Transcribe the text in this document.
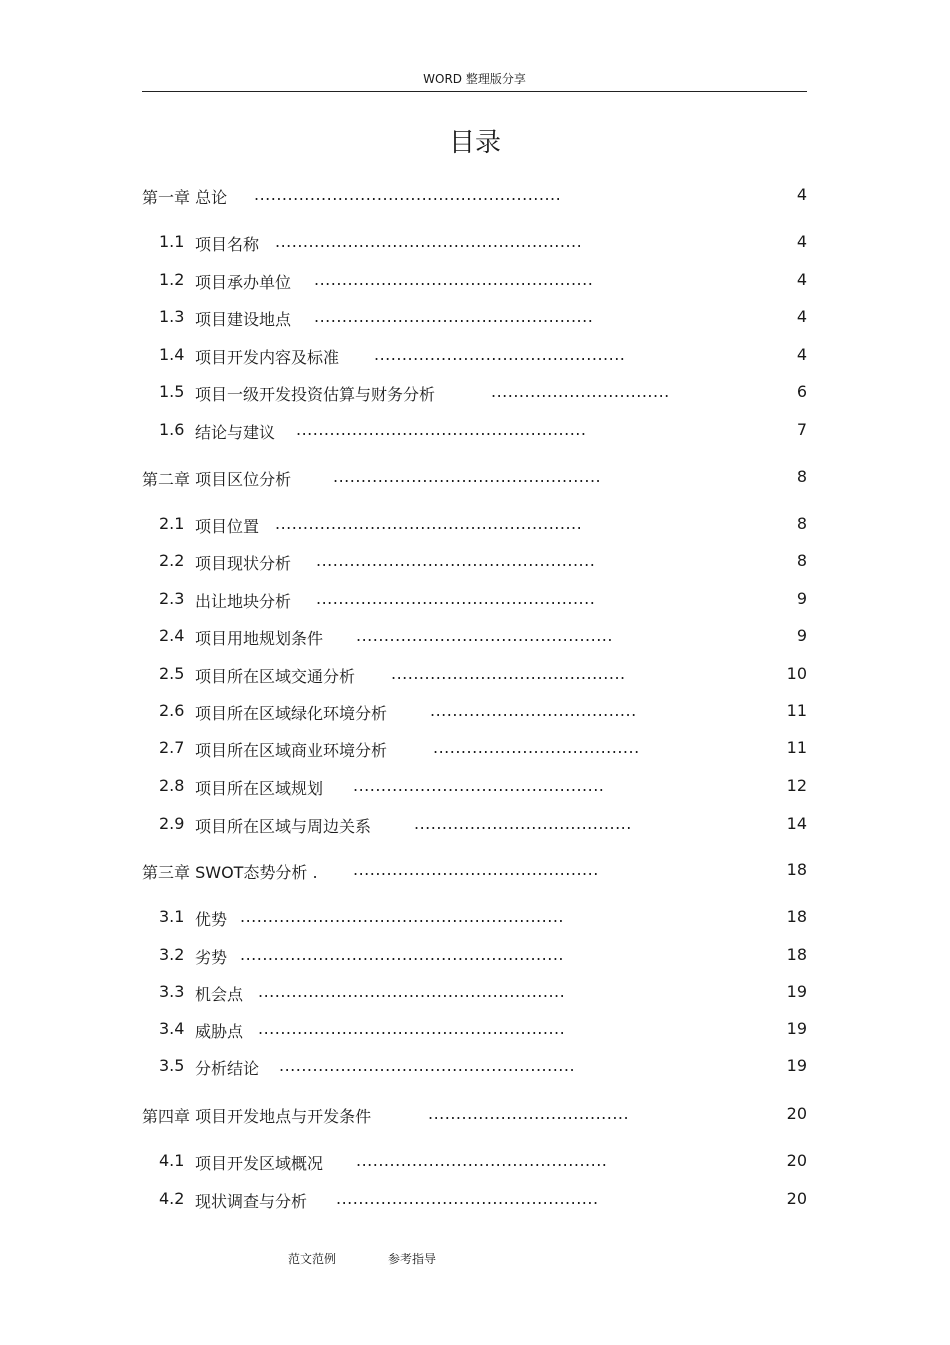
WORD 整理版分享
目录
第一章 总论 .......................................................	4
1.1 项目名称 .......................................................	4
1.2 项目承办单位 ..................................................	4
1.3 项目建设地点 ..................................................	4
1.4 项目开发内容及标准 .............................................	4
1.5 项目一级开发投资估算与财务分析	................................	6
1.6 结论与建议 ....................................................	7
第二章 项目区位分析	................................................	8
2.1 项目位置 .......................................................	8
2.2 项目现状分析 ..................................................	8
2.3 出让地块分析 ..................................................	9
2.4 项目用地规划条件 ..............................................	9
2.5 项目所在区域交通分析 ..........................................	10
2.6 项目所在区域绿化环境分析	.....................................	11
2.7 项目所在区域商业环境分析	.....................................	11
2.8 项目所在区域规划 .............................................	12
2.9 项目所在区域与周边关系	.......................................	14
第三章 SWOT态势分析 . ............................................	18
3.1 优势 ..........................................................	18
3.2 劣势 ..........................................................	18
3.3 机会点 .......................................................	19
3.4 威胁点 .......................................................	19
3.5 分析结论 .....................................................	19
第四章 项目开发地点与开发条件	....................................	20
4.1 项目开发区域概况 .............................................	20
4.2 现状调查与分析 ...............................................	20
范文范例	参考指导
